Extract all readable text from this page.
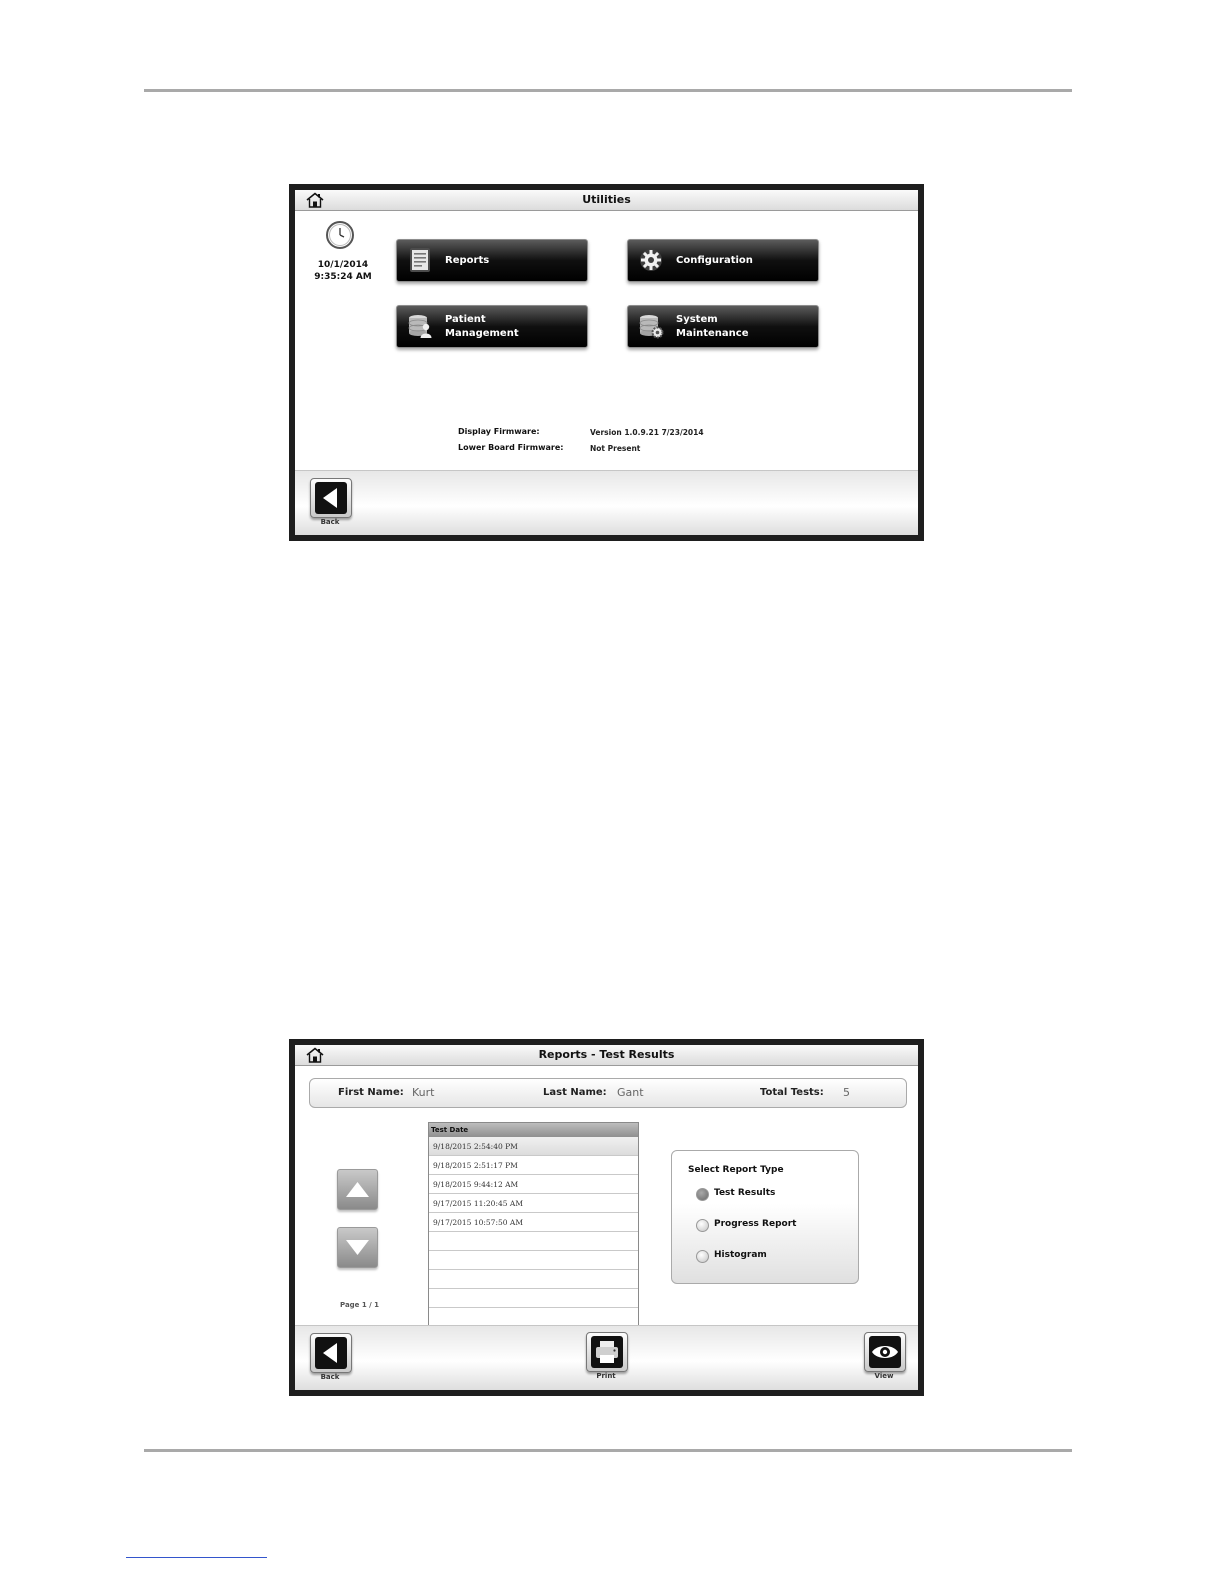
Utilities
10/1/2014
9:35:24 AM
Reports	Configuration
Patient
Management
System
Maintenance
Display Firmware:	Version 1.0.9.21 7/23/2014
Lower Board Firmware:	Not Present
Back
Reports - Test Results
First Name: Kurt	Last Name: Gant	Total Tests: 5
Page 1 / 1
Test Date
9/18/2015 2:54:40 PM
9/18/2015 2:51:17 PM
9/18/2015 9:44:12 AM
9/17/2015 11:20:45 AM
9/17/2015 10:57:50 AM
Select Report Type
Test Results
Progress Report
Histogram
Back	Print	View
